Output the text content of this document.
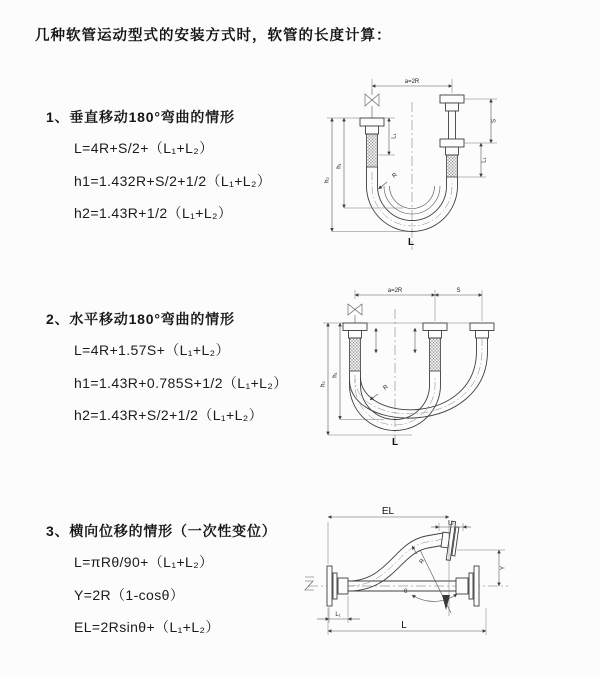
几种软管运动型式的安装方式时，软管的长度计算：
1、垂直移动180°弯曲的情形
L=4R+S/2+（L₁+L₂）
h1=1.432R+S/2+1/2（L₁+L₂）
h2=1.43R+1/2（L₁+L₂）
2、水平移动180°弯曲的情形
L=4R+1.57S+（L₁+L₂）
h1=1.43R+0.785S+1/2（L₁+L₂）
h2=1.43R+S/2+1/2（L₁+L₂）
3、横向位移的情形（一次性变位）
L=πRθ/90+（L₁+L₂）
Y=2R（1-cosθ）
EL=2Rsinθ+（L₁+L₂）
a=2R
h₂
h₁
L₁
S
L₁
R
L
a=2R	S
h₂
h₁
R
L
EL
L₂
Y
R
θ
L₁
L
